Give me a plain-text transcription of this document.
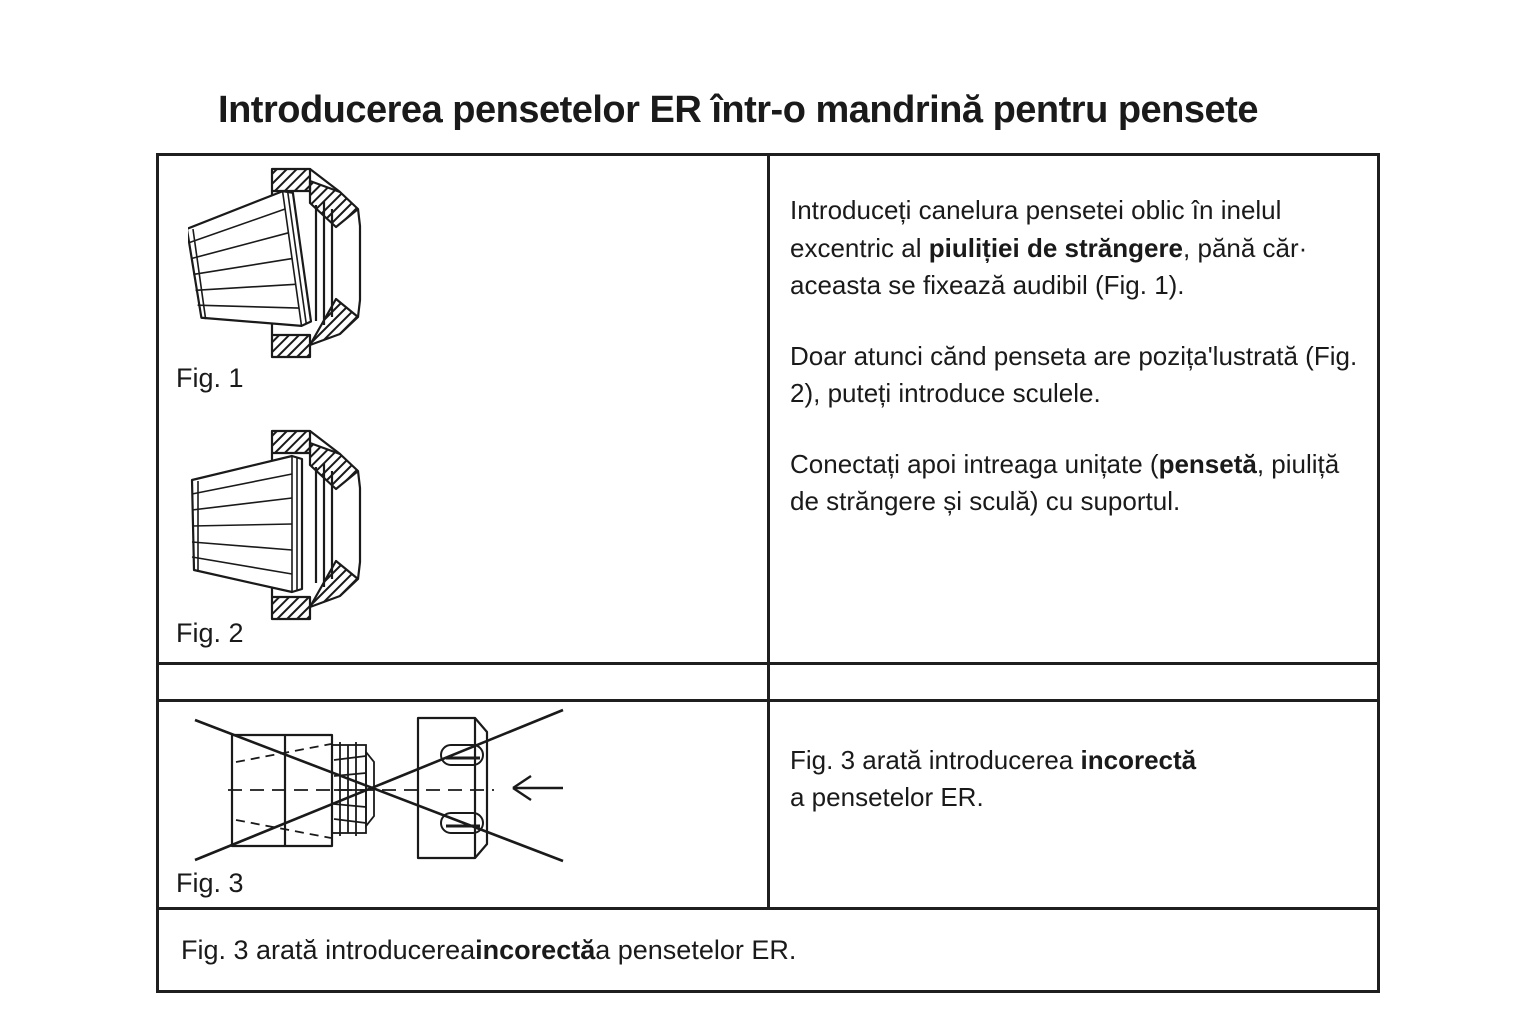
Introducerea pensetelor ER într-o mandrină pentru pensete
Fig. 1
Fig. 2

Introduceți canelura pensetei oblic în inelul excentric al piuliției de străngere, pănă căr· aceasta se fixează audibil (Fig. 1).

Doar atunci cănd penseta are pozița'lustrată (Fig. 2), puteți introduce sculele.

Conectați apoi intreaga unițate (pensetă, piuliță de străngere și sculă) cu suportul.

Fig. 3
Fig. 3 arată introducerea incorectă
a pensetelor ER.
Fig. 3 arată introducerea incorectă a pensetelor ER.
